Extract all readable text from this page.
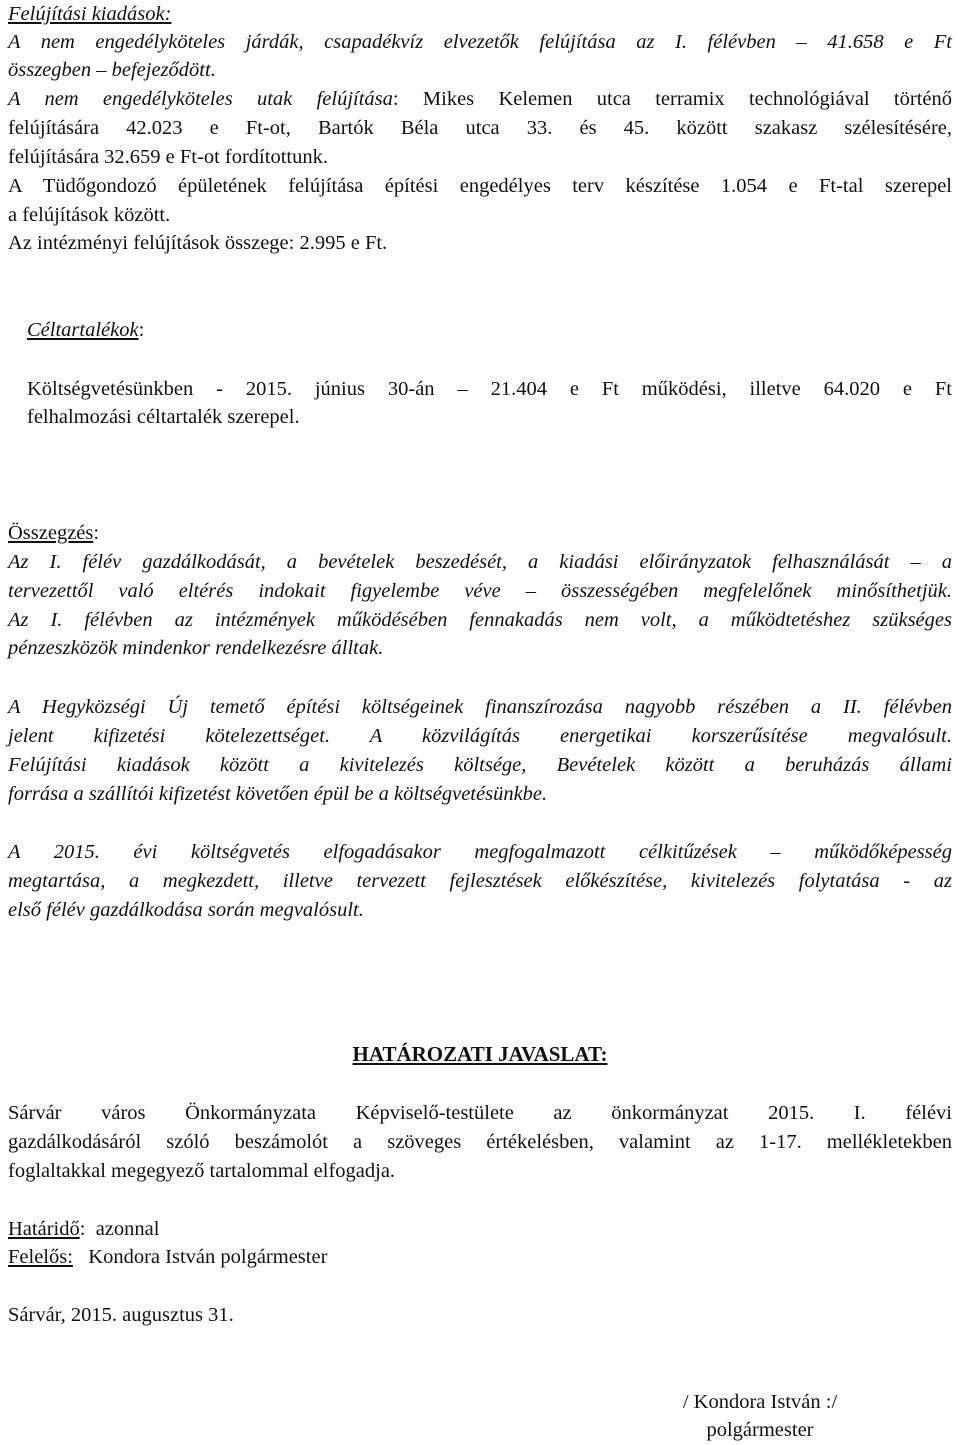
Felújítási kiadások:
A nem engedélyköteles járdák, csapadékvíz elvezetők felújítása az I. félévben – 41.658 e Ft
összegben – befejeződött.
A nem engedélyköteles utak felújítása: Mikes Kelemen utca terramix technológiával történő
felújítására 42.023 e Ft-ot, Bartók Béla utca 33. és 45. között szakasz szélesítésére,
felújítására 32.659 e Ft-ot fordítottunk.
A Tüdőgondozó épületének felújítása építési engedélyes terv készítése 1.054 e Ft-tal szerepel
a felújítások között.
Az intézményi felújítások összege: 2.995 e Ft.
Céltartalékok:
Költségvetésünkben - 2015. június 30-án – 21.404 e Ft működési, illetve 64.020 e Ft
felhalmozási céltartalék szerepel.
Összegzés:
Az I. félév gazdálkodását, a bevételek beszedését, a kiadási előirányzatok felhasználását – a
tervezettől való eltérés indokait figyelembe véve – összességében megfelelőnek minősíthetjük.
Az I. félévben az intézmények működésében fennakadás nem volt, a működtetéshez szükséges
pénzeszközök mindenkor rendelkezésre álltak.
A Hegyközségi Új temető építési költségeinek finanszírozása nagyobb részében a II. félévben
jelent kifizetési kötelezettséget. A közvilágítás energetikai korszerűsítése megvalósult.
Felújítási kiadások között a kivitelezés költsége, Bevételek között a beruházás állami
forrása a szállítói kifizetést követően épül be a költségvetésünkbe.
A 2015. évi költségvetés elfogadásakor megfogalmazott célkitűzések – működőképesség
megtartása, a megkezdett, illetve tervezett fejlesztések előkészítése, kivitelezés folytatása - az
első félév gazdálkodása során megvalósult.
HATÁROZATI JAVASLAT:
Sárvár város Önkormányzata Képviselő-testülete az önkormányzat 2015. I. félévi
gazdálkodásáról szóló beszámolót a szöveges értékelésben, valamint az 1-17. mellékletekben
foglaltakkal megegyező tartalommal elfogadja.
Határidő:  azonnal
Felelős:   Kondora István polgármester
Sárvár, 2015. augusztus 31.
/ Kondora István :/
polgármester
